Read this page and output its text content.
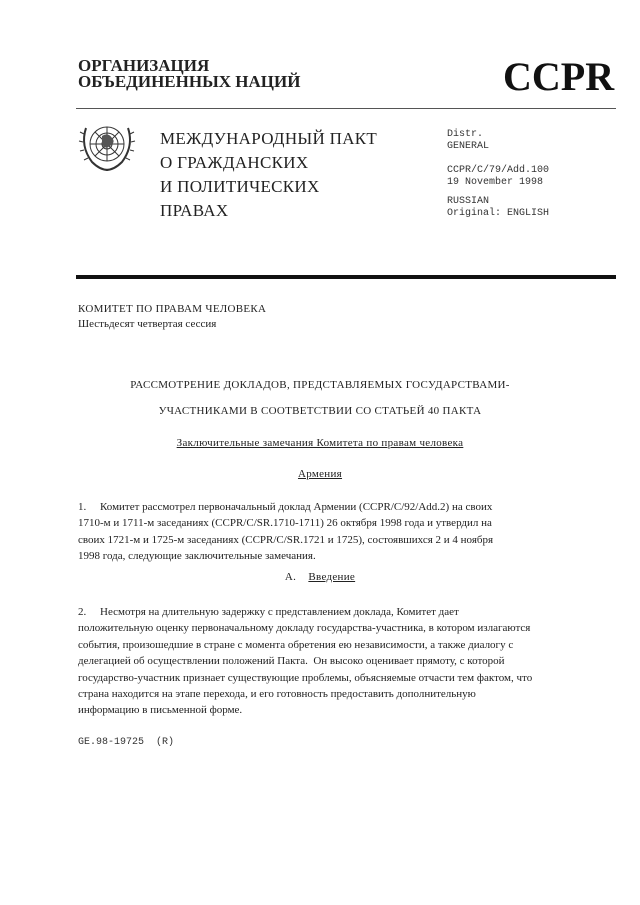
ОРГАНИЗАЦИЯ
ОБЪЕДИНЕННЫХ НАЦИЙ	CCPR
МЕЖДУНАРОДНЫЙ ПАКТ
О ГРАЖДАНСКИХ
И ПОЛИТИЧЕСКИХ
ПРАВАХ
Distr.
GENERAL
CCPR/C/79/Add.100
19 November 1998
RUSSIAN
Original: ENGLISH
КОМИТЕТ ПО ПРАВАМ ЧЕЛОВЕКА
Шестьдесят четвертая сессия
РАССМОТРЕНИЕ ДОКЛАДОВ, ПРЕДСТАВЛЯЕМЫХ ГОСУДАРСТВАМИ-
УЧАСТНИКАМИ В СООТВЕТСТВИИ СО СТАТЬЕЙ 40 ПАКТА
Заключительные замечания Комитета по правам человека
Армения
1.     Комитет рассмотрел первоначальный доклад Армении (CCPR/C/92/Add.2) на своих
1710-м и 1711-м заседаниях (CCPR/C/SR.1710-1711) 26 октября 1998 года и утвердил на
своих 1721-м и 1725-м заседаниях (CCPR/C/SR.1721 и 1725), состоявшихся 2 и 4 ноября
1998 года, следующие заключительные замечания.
A. Введение
2.     Несмотря на длительную задержку с представлением доклада, Комитет дает
положительную оценку первоначальному докладу государства-участника, в котором излагаются
события, произошедшие в стране с момента обретения ею независимости, а также диалогу с
делегацией об осуществлении положений Пакта.  Он высоко оценивает прямоту, с которой
государство-участник признает существующие проблемы, объясняемые отчасти тем фактом, что
страна находится на этапе перехода, и его готовность предоставить дополнительную
информацию в письменной форме.
GE.98-19725  (R)
